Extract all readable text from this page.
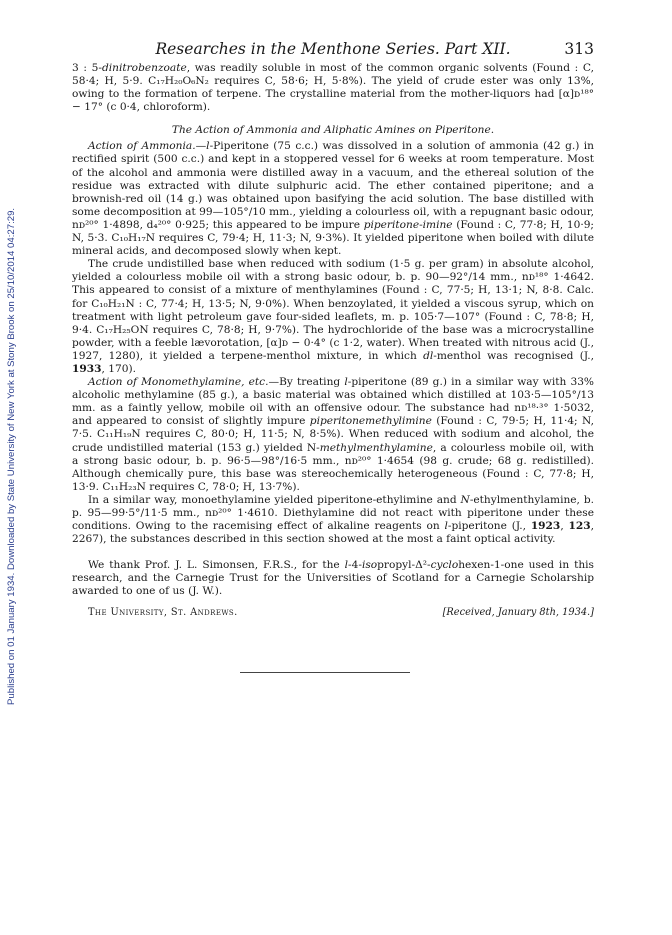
Published on 01 January 1934. Downloaded by State University of New York at Stony Brook on 25/10/2014 04:27:29.
Researches in the Menthone Series. Part XII.	313

3 : 5-dinitrobenzoate, was readily soluble in most of the common organic solvents (Found : C, 58·4; H, 5·9. C₁₇H₂₀O₆N₂ requires C, 58·6; H, 5·8%). The yield of crude ester was only 13%, owing to the formation of terpene. The crystalline material from the mother-liquors had [α]ᴅ¹⁸° − 17° (c 0·4, chloroform).

The Action of Ammonia and Aliphatic Amines on Piperitone.

Action of Ammonia.—l-Piperitone (75 c.c.) was dissolved in a solution of ammonia (42 g.) in rectified spirit (500 c.c.) and kept in a stoppered vessel for 6 weeks at room temperature. Most of the alcohol and ammonia were distilled away in a vacuum, and the ethereal solution of the residue was extracted with dilute sulphuric acid. The ether contained piperitone; and a brownish-red oil (14 g.) was obtained upon basifying the acid solution. The base distilled with some decomposition at 99—105°/10 mm., yielding a colourless oil, with a repugnant basic odour, nᴅ²⁰° 1·4898, d₄²⁰° 0·925; this appeared to be impure piperitone-imine (Found : C, 77·8; H, 10·9; N, 5·3. C₁₀H₁₇N requires C, 79·4; H, 11·3; N, 9·3%). It yielded piperitone when boiled with dilute mineral acids, and decomposed slowly when kept.

The crude undistilled base when reduced with sodium (1·5 g. per gram) in absolute alcohol, yielded a colourless mobile oil with a strong basic odour, b. p. 90—92°/14 mm., nᴅ¹⁸° 1·4642. This appeared to consist of a mixture of menthylamines (Found : C, 77·5; H, 13·1; N, 8·8. Calc. for C₁₀H₂₁N : C, 77·4; H, 13·5; N, 9·0%). When benzoylated, it yielded a viscous syrup, which on treatment with light petroleum gave four-sided leaflets, m. p. 105·7—107° (Found : C, 78·8; H, 9·4. C₁₇H₂₅ON requires C, 78·8; H, 9·7%). The hydrochloride of the base was a microcrystalline powder, with a feeble lævorotation, [α]ᴅ − 0·4° (c 1·2, water). When treated with nitrous acid (J., 1927, 1280), it yielded a terpene-menthol mixture, in which dl-menthol was recognised (J., 1933, 170).

Action of Monomethylamine, etc.—By treating l-piperitone (89 g.) in a similar way with 33% alcoholic methylamine (85 g.), a basic material was obtained which distilled at 103·5—105°/13 mm. as a faintly yellow, mobile oil with an offensive odour. The substance had nᴅ¹⁸·³° 1·5032, and appeared to consist of slightly impure piperitonemethylimine (Found : C, 79·5; H, 11·4; N, 7·5. C₁₁H₁₉N requires C, 80·0; H, 11·5; N, 8·5%). When reduced with sodium and alcohol, the crude undistilled material (153 g.) yielded N-methylmenthylamine, a colourless mobile oil, with a strong basic odour, b. p. 96·5—98°/16·5 mm., nᴅ²⁰° 1·4654 (98 g. crude; 68 g. redistilled). Although chemically pure, this base was stereochemically heterogeneous (Found : C, 77·8; H, 13·9. C₁₁H₂₃N requires C, 78·0; H, 13·7%).

In a similar way, monoethylamine yielded piperitone-ethylimine and N-ethylmenthylamine, b. p. 95—99·5°/11·5 mm., nᴅ²⁰° 1·4610. Diethylamine did not react with piperitone under these conditions. Owing to the racemising effect of alkaline reagents on l-piperitone (J., 1923, 123, 2267), the substances described in this section showed at the most a faint optical activity.

We thank Prof. J. L. Simonsen, F.R.S., for the l-4-isopropyl-Δ²-cyclohexen-1-one used in this research, and the Carnegie Trust for the Universities of Scotland for a Carnegie Scholarship awarded to one of us (J. W.).

The University, St. Andrews.	[Received, January 8th, 1934.]
